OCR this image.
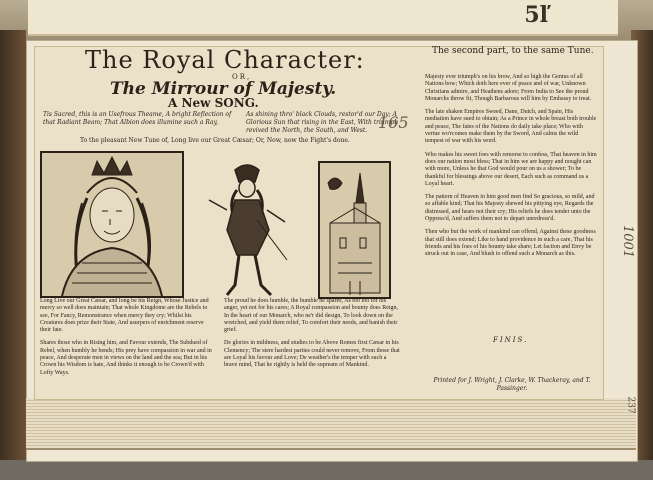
5ľ
The Royal Character:
OR,
The Mirrour of Majesty.
A New SONG.
Tis Sacred, this is an Usefrous Theame, A bright Reflection of that Radiant Beam; That Albion does illumine such a Ray,
As shining thro' black Clouds, restor'd our Day; A Glorious Sun that rising in the East, With triumph revived the North, the South, and West.
To the pleasant New Tune of, Long live our Great Cæsar; Or, Now, now the Fight's done.
165
The second part, to the same Tune.

Long Live our Great Cæsar, and long be his Reign, Whose Justice and mercy so well does maintain; That whole Kingdome are the Rebels to see, For Fancy, Remonstrance when mercy they cry; Whilst his Creatures does prize their State, And usurpers of enrichment reserve their fate.

Shares those who in Rising him, and Favour extends, The Subdued of Rebel, when humbly he bends; His prey have compassion in war and in peace, And desperate men in views on the land and the sea; But in his Crown his Wisdom is hate, And thinks it enough to be Crown'd with Lofty Ways.

The proud he does humble, the humble he spares, As too loo for his anger, yet not for his cares; A Royal compassion and bounty does Reign, In the heart of our Monarch, who ne'r did design, To look down on the wretched, and yield them relief, To comfort their needs, and banish their grief.

De glories in mildness, and studies to be Above Romes first Cæsar in his Clemency; The stere hardest parties could never remove, From those that are Loyal his favour and Love; De weather's the temper with such a brave mind, That he rightly is held the supream of Mankind.

Majesty ever triumph's on his brow, And so high the Genius of all Nations bow; Which doth here ever of peace and of war, Unknown Christians admire, and Heathens adore; From India to See the proud Monarchs throw fit, Though Barbarous will him by Embassy to treat.

The late shaken Empires Sweed, Dane, Dutch, and Spain, His mediation have sued to obtain; As a Prince in whole breast both trouble and peace, The fates of the Nations do daily take place; Who with vertue wo'rcomes make them by the Sword, And calms the wild tempest of war with his word.

Who makes his sweet foes with remorse to confess, That heaven in him does our nation most bless; That in him we are happy and nought can with more, Unless he that God would pour on us a shower; To be thankful for blessings above our desert, Each such as command us a Loyal heart.

The pattern of Heaven in him good men find So gracious, so mild, and so affable kind; That his Majesty shewed his pittying eye, Regards the distressed, and hears not their cry; His reliefs he does tender unto the Oppress'd, And suffers them not to depart unredress'd.

Then who but the work of mankind can offend, Against these goodness that still does extend; Like to hand providence in such a care, That his friends and his foes of his bounty take share; Let faction and Envy be struck out in case, And blush to offend such a Monarch as this.

FINIS.
Printed for J. Wright, J. Clarke, W. Thackeray, and T. Passinger.
1001
237
